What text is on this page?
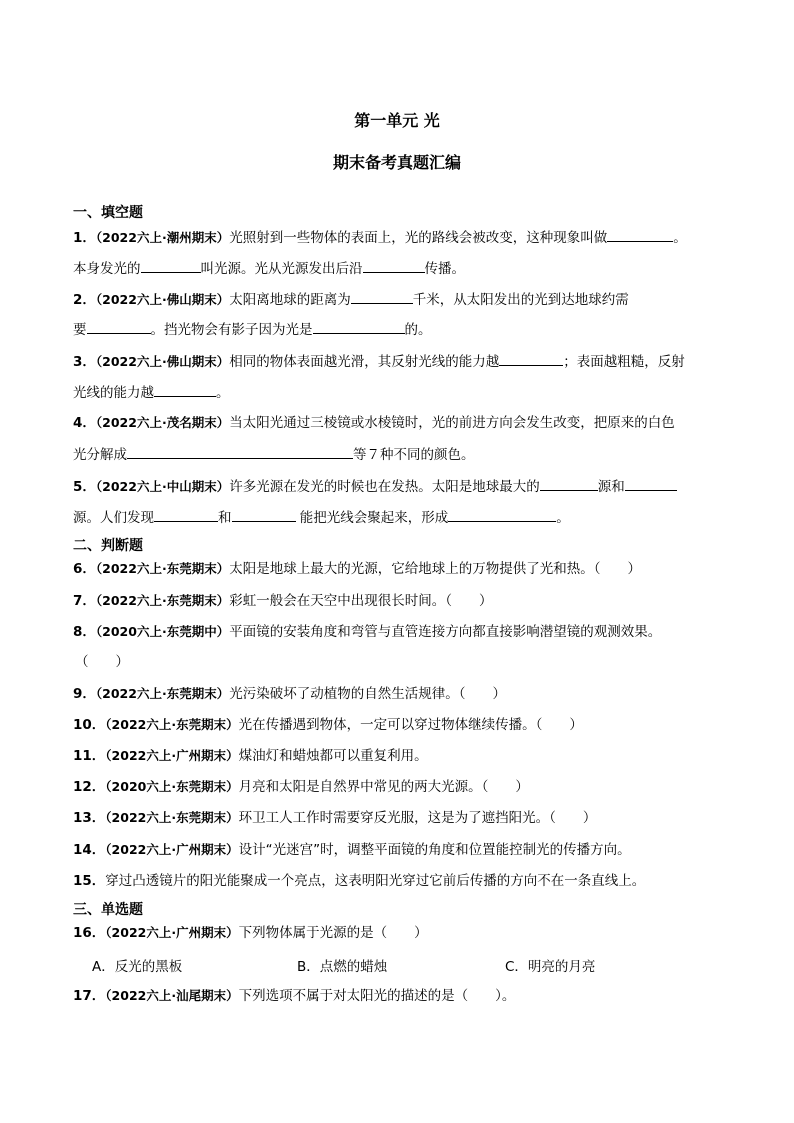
第一单元 光
期末备考真题汇编
一、填空题
1．（2022六上·潮州期末）光照射到一些物体的表面上，光的路线会被改变，这种现象叫做	。
本身发光的	叫光源。光从光源发出后沿	传播。
2．（2022六上·佛山期末）太阳离地球的距离为	千米，从太阳发出的光到达地球约需
要	。挡光物会有影子因为光是	的。
3．（2022六上·佛山期末）相同的物体表面越光滑，其反射光线的能力越	；表面越粗糙，反射
光线的能力越	。
4．（2022六上·茂名期末）当太阳光通过三棱镜或水棱镜时，光的前进方向会发生改变，把原来的白色
光分解成	等７种不同的颜色。
5．（2022六上·中山期末）许多光源在发光的时候也在发热。太阳是地球最大的	源和
源。人们发现	和	能把光线会聚起来，形成	。
二、判断题
6．（2022六上·东莞期末）太阳是地球上最大的光源，它给地球上的万物提供了光和热。（　　）
7．（2022六上·东莞期末）彩虹一般会在天空中出现很长时间。（　　）
8．（2020六上·东莞期中）平面镜的安装角度和弯管与直管连接方向都直接影响潜望镜的观测效果。
（　　）
9．（2022六上·东莞期末）光污染破坏了动植物的自然生活规律。（　　）
10．（2022六上·东莞期末）光在传播遇到物体，一定可以穿过物体继续传播。（　　）
11．（2022六上·广州期末）煤油灯和蜡烛都可以重复利用。
12．（2020六上·东莞期末）月亮和太阳是自然界中常见的两大光源。（　　）
13．（2022六上·东莞期末）环卫工人工作时需要穿反光服，这是为了遮挡阳光。（　　）
14．（2022六上·广州期末）设计“光迷宫”时，调整平面镜的角度和位置能控制光的传播方向。
15．穿过凸透镜片的阳光能聚成一个亮点，这表明阳光穿过它前后传播的方向不在一条直线上。
三、单选题
16．（2022六上·广州期末）下列物体属于光源的是（　　）
A．反光的黑板	B．点燃的蜡烛	C．明亮的月亮
17．（2022六上·汕尾期末）下列选项不属于对太阳光的描述的是（　　）。
